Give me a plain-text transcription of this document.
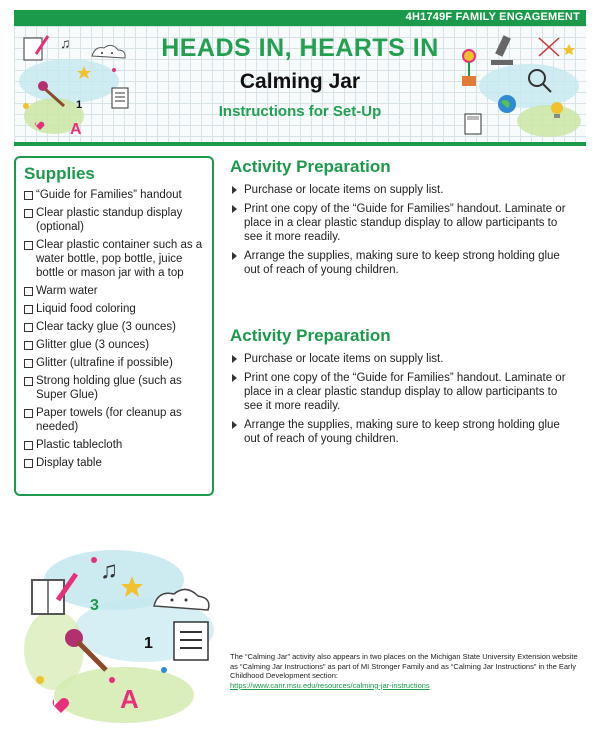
4H1749F FAMILY ENGAGEMENT
♫
1
A
HEADS IN, HEARTS IN
Calming Jar
Instructions for Set-Up
Supplies
“Guide for Families” handout
Clear plastic standup display (optional)
Clear plastic container such as a water bottle, pop bottle, juice bottle or mason jar with a top
Warm water
Liquid food coloring
Clear tacky glue (3 ounces)
Glitter glue (3 ounces)
Glitter (ultrafine if possible)
Strong holding glue (such as Super Glue)
Paper towels (for cleanup as needed)
Plastic tablecloth
Display table
Activity Preparation
Purchase or locate items on supply list.
Print one copy of the “Guide for Families” handout. Laminate or place in a clear plastic standup display to allow participants to see it more readily.
Arrange the supplies, making sure to keep strong holding glue out of reach of young children.
Activity Preparation
Purchase or locate items on supply list.
Print one copy of the “Guide for Families” handout. Laminate or place in a clear plastic standup display to allow participants to see it more readily.
Arrange the supplies, making sure to keep strong holding glue out of reach of young children.
♫
3
1
A
The “Calming Jar” activity also appears in two places on the Michigan State University Extension website as “Calming Jar Instructions” as part of MI Stronger Family and as “Calming Jar Instructions” in the Early Childhood Development section:
https://www.canr.msu.edu/resources/calming-jar-instructions
